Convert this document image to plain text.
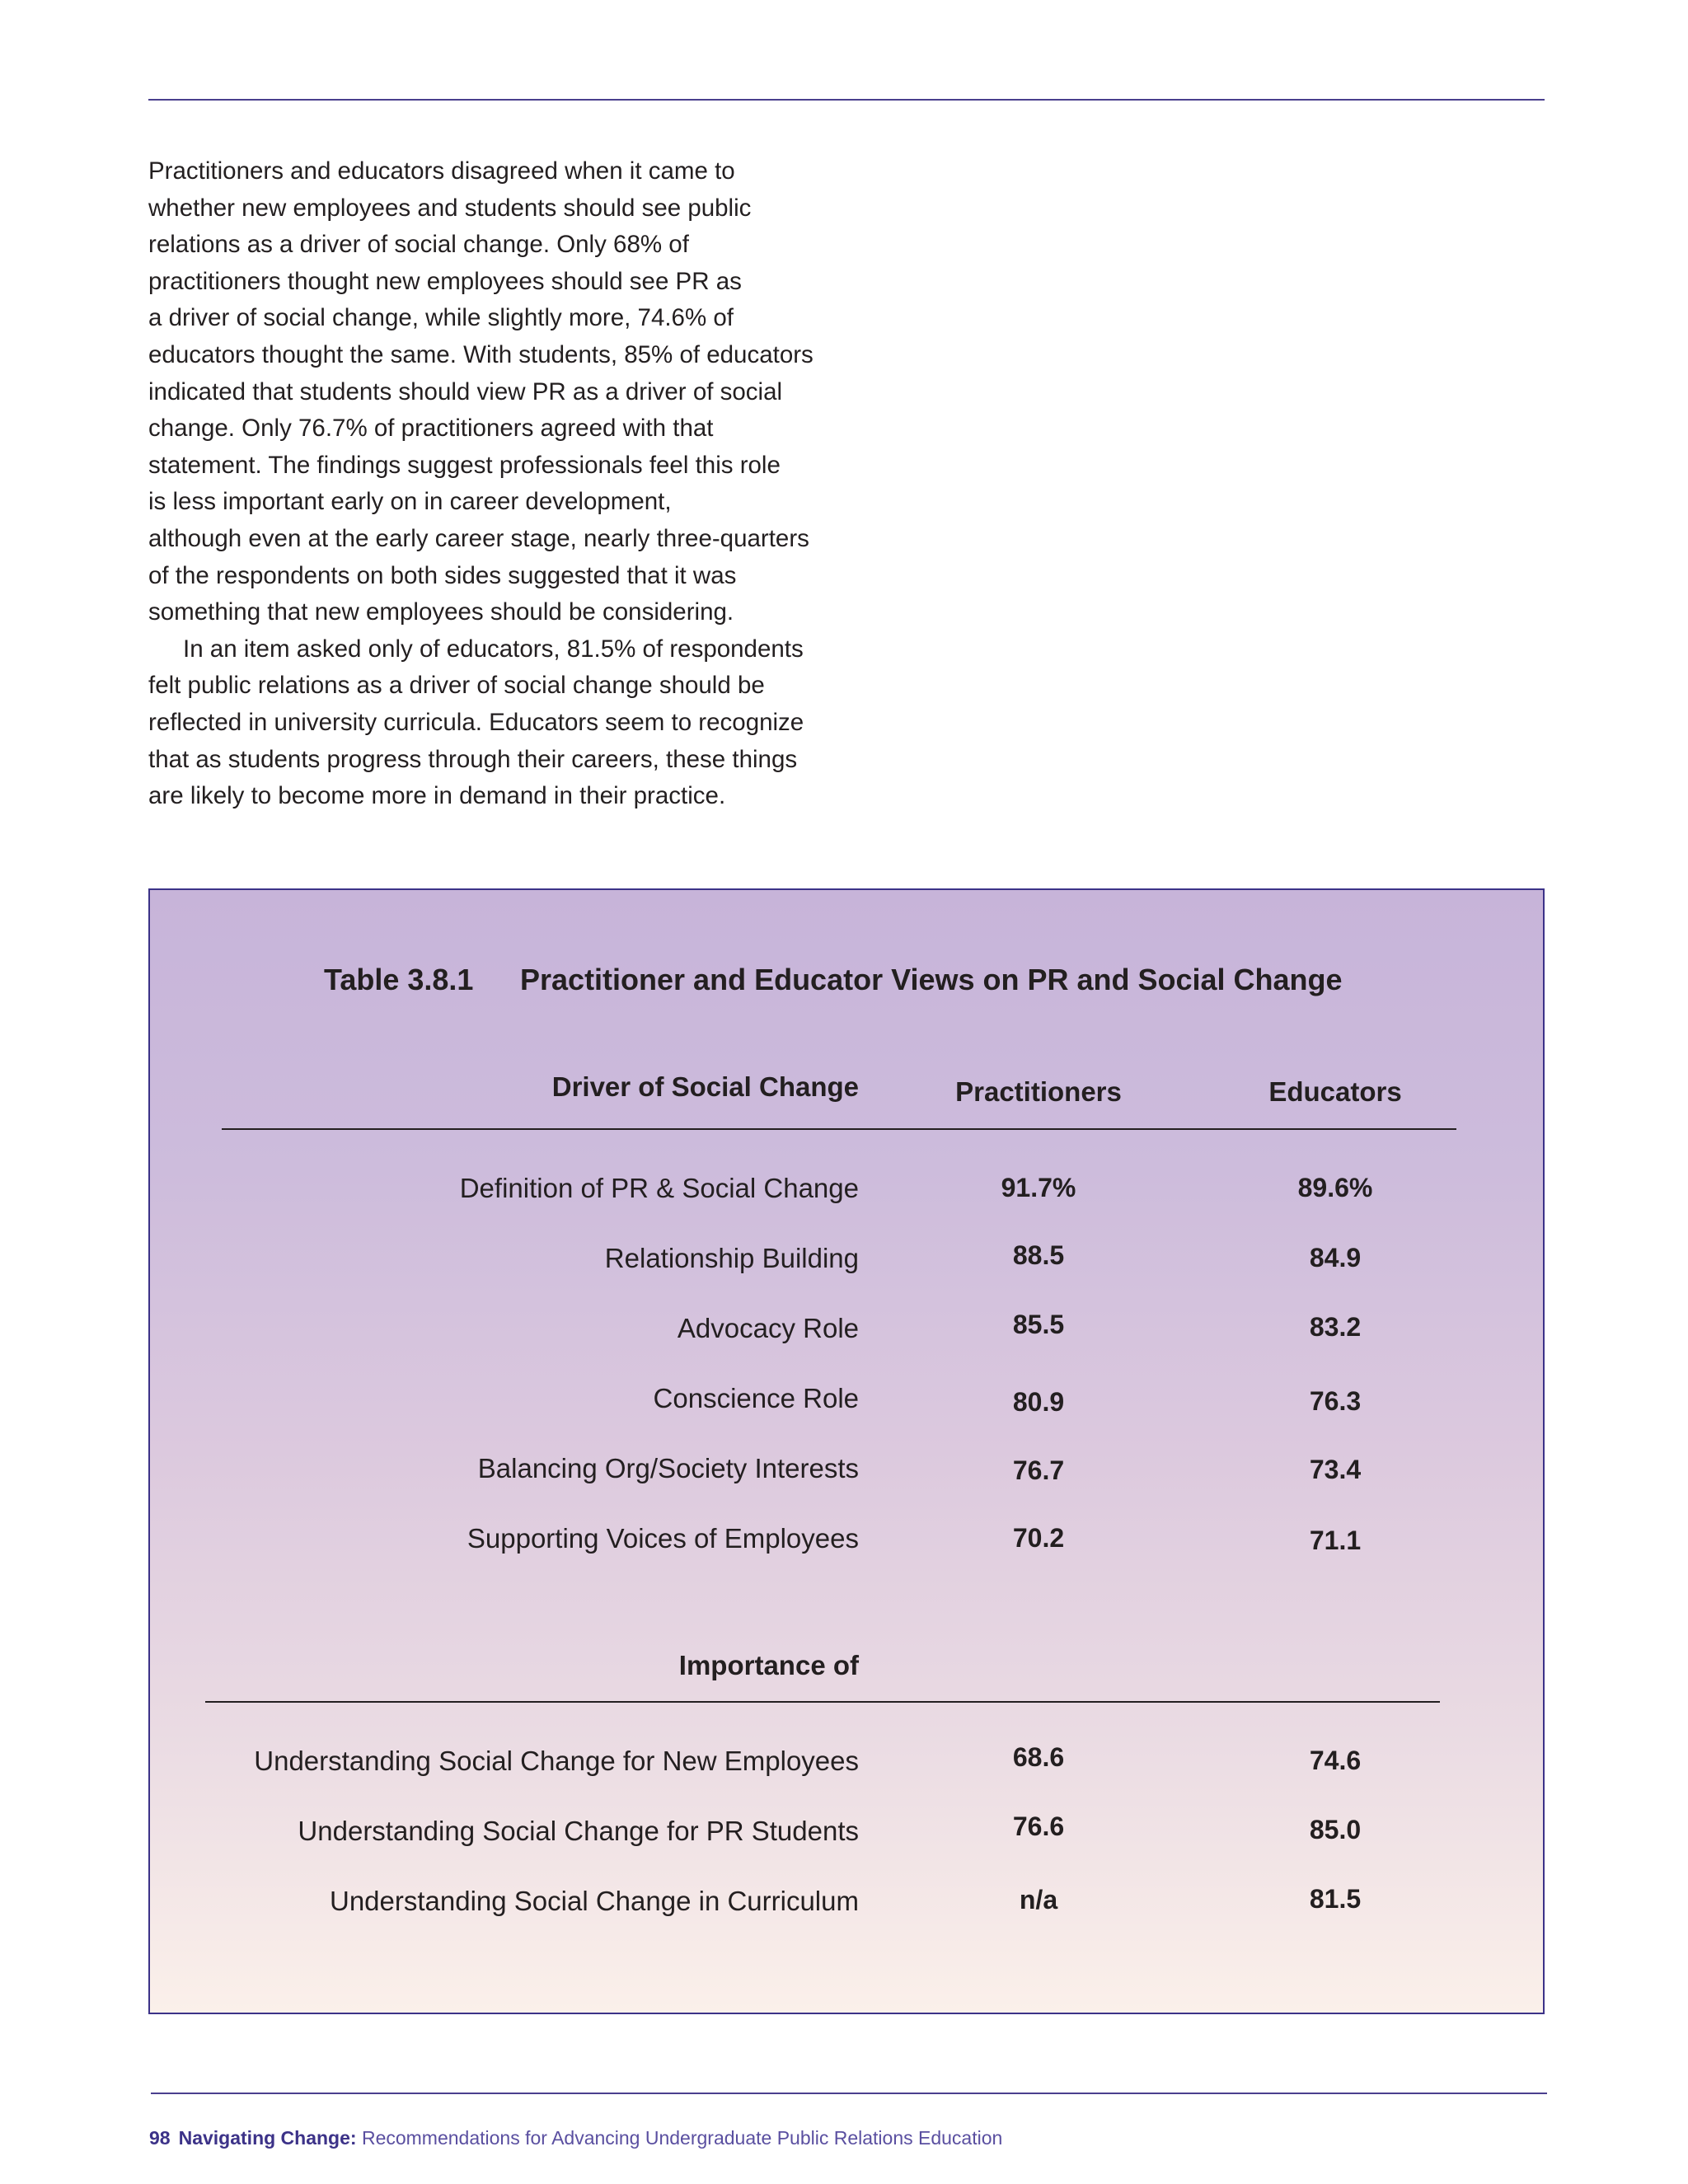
Practitioners and educators disagreed when it came to
whether new employees and students should see public
relations as a driver of social change. Only 68% of
practitioners thought new employees should see PR as
a driver of social change, while slightly more, 74.6% of
educators thought the same. With students, 85% of educators
indicated that students should view PR as a driver of social
change. Only 76.7% of practitioners agreed with that
statement. The findings suggest professionals feel this role
is less important early on in career development,
although even at the early career stage, nearly three-quarters
of the respondents on both sides suggested that it was
something that new employees should be considering.
In an item asked only of educators, 81.5% of respondents
felt public relations as a driver of social change should be
reflected in university curricula. Educators seem to recognize
that as students progress through their careers, these things
are likely to become more in demand in their practice.
Table 3.8.1 Practitioner and Educator Views on PR and Social Change
Driver of Social Change	Practitioners	Educators
Definition of PR & Social Change	91.7%	89.6%
Relationship Building	88.5	84.9
Advocacy Role	85.5	83.2
Conscience Role	80.9	76.3
Balancing Org/Society Interests	76.7	73.4
Supporting Voices of Employees	70.2	71.1
Importance of
Understanding Social Change for New Employees	68.6	74.6
Understanding Social Change for PR Students	76.6	85.0
Understanding Social Change in Curriculum	n/a	81.5
98 Navigating Change: Recommendations for Advancing Undergraduate Public Relations Education
